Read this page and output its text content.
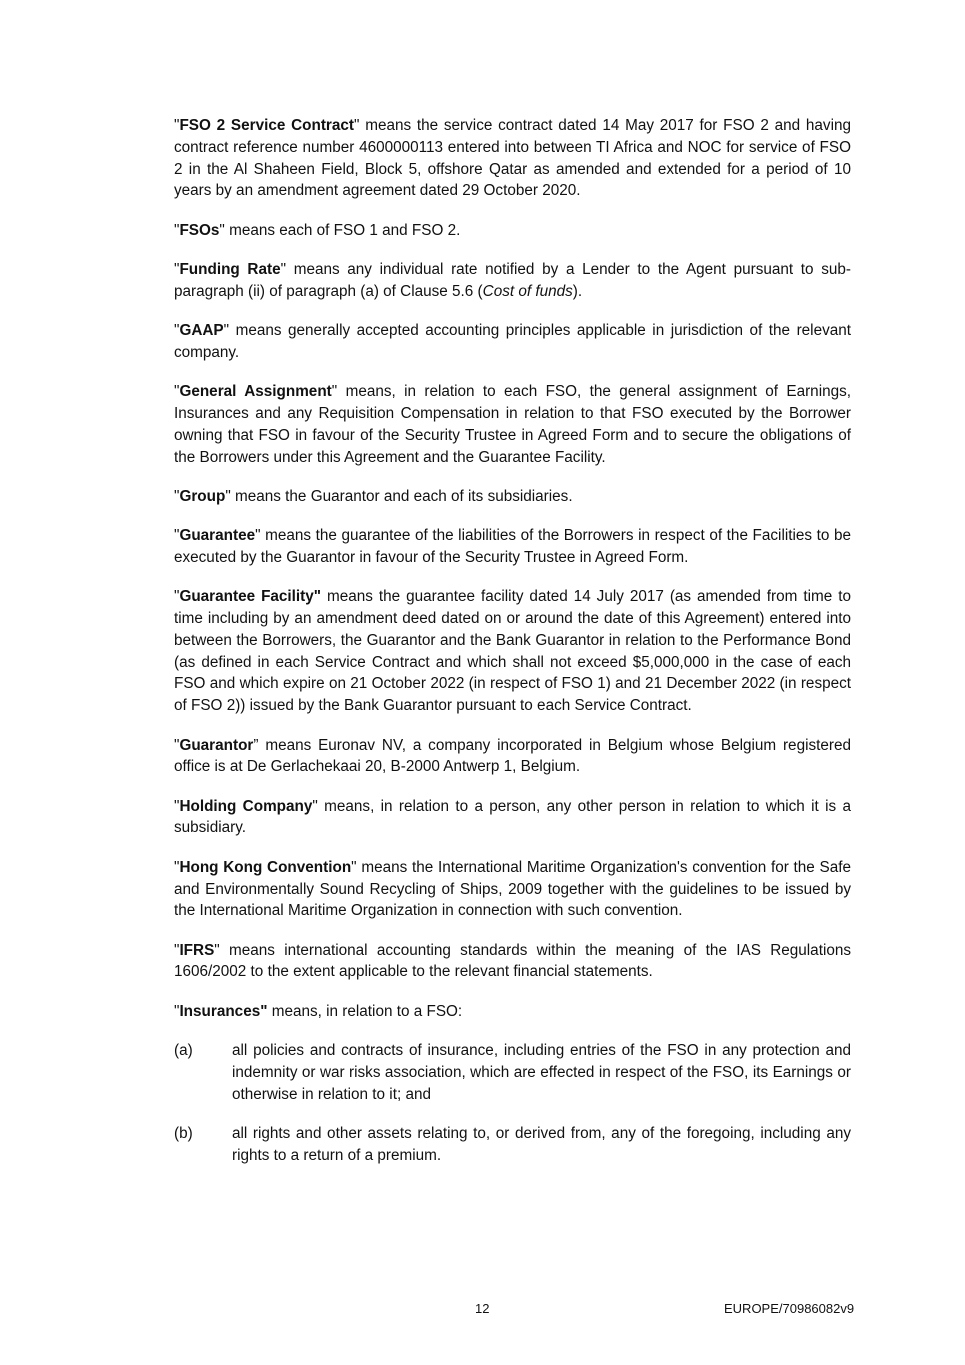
"FSO 2 Service Contract" means the service contract dated 14 May 2017 for FSO 2 and having contract reference number 4600000113 entered into between TI Africa and NOC for service of FSO 2 in the Al Shaheen Field, Block 5, offshore Qatar as amended and extended for a period of 10 years by an amendment agreement dated 29 October 2020.

"FSOs" means each of FSO 1 and FSO 2.

"Funding Rate" means any individual rate notified by a Lender to the Agent pursuant to sub-paragraph (ii) of paragraph (a) of Clause 5.6 (Cost of funds).

"GAAP" means generally accepted accounting principles applicable in jurisdiction of the relevant company.

"General Assignment" means, in relation to each FSO, the general assignment of Earnings, Insurances and any Requisition Compensation in relation to that FSO executed by the Borrower owning that FSO in favour of the Security Trustee in Agreed Form and to secure the obligations of the Borrowers under this Agreement and the Guarantee Facility.

"Group" means the Guarantor and each of its subsidiaries.

"Guarantee" means the guarantee of the liabilities of the Borrowers in respect of the Facilities to be executed by the Guarantor in favour of the Security Trustee in Agreed Form.

"Guarantee Facility" means the guarantee facility dated 14 July 2017 (as amended from time to time including by an amendment deed dated on or around the date of this Agreement) entered into between the Borrowers, the Guarantor and the Bank Guarantor in relation to the Performance Bond (as defined in each Service Contract and which shall not exceed $5,000,000 in the case of each FSO and which expire on 21 October 2022 (in respect of FSO 1) and 21 December 2022 (in respect of FSO 2)) issued by the Bank Guarantor pursuant to each Service Contract.

"Guarantor” means Euronav NV, a company incorporated in Belgium whose Belgium registered office is at De Gerlachekaai 20, B-2000 Antwerp 1, Belgium.

"Holding Company" means, in relation to a person, any other person in relation to which it is a subsidiary.

"Hong Kong Convention" means the International Maritime Organization's convention for the Safe and Environmentally Sound Recycling of Ships, 2009 together with the guidelines to be issued by the International Maritime Organization in connection with such convention.

"IFRS" means international accounting standards within the meaning of the IAS Regulations 1606/2002 to the extent applicable to the relevant financial statements.

"Insurances" means, in relation to a FSO:

(a)	all policies and contracts of insurance, including entries of the FSO in any protection and indemnity or war risks association, which are effected in respect of the FSO, its Earnings or otherwise in relation to it; and
(b)	all rights and other assets relating to, or derived from, any of the foregoing, including any rights to a return of a premium.
12	EUROPE/70986082v9
